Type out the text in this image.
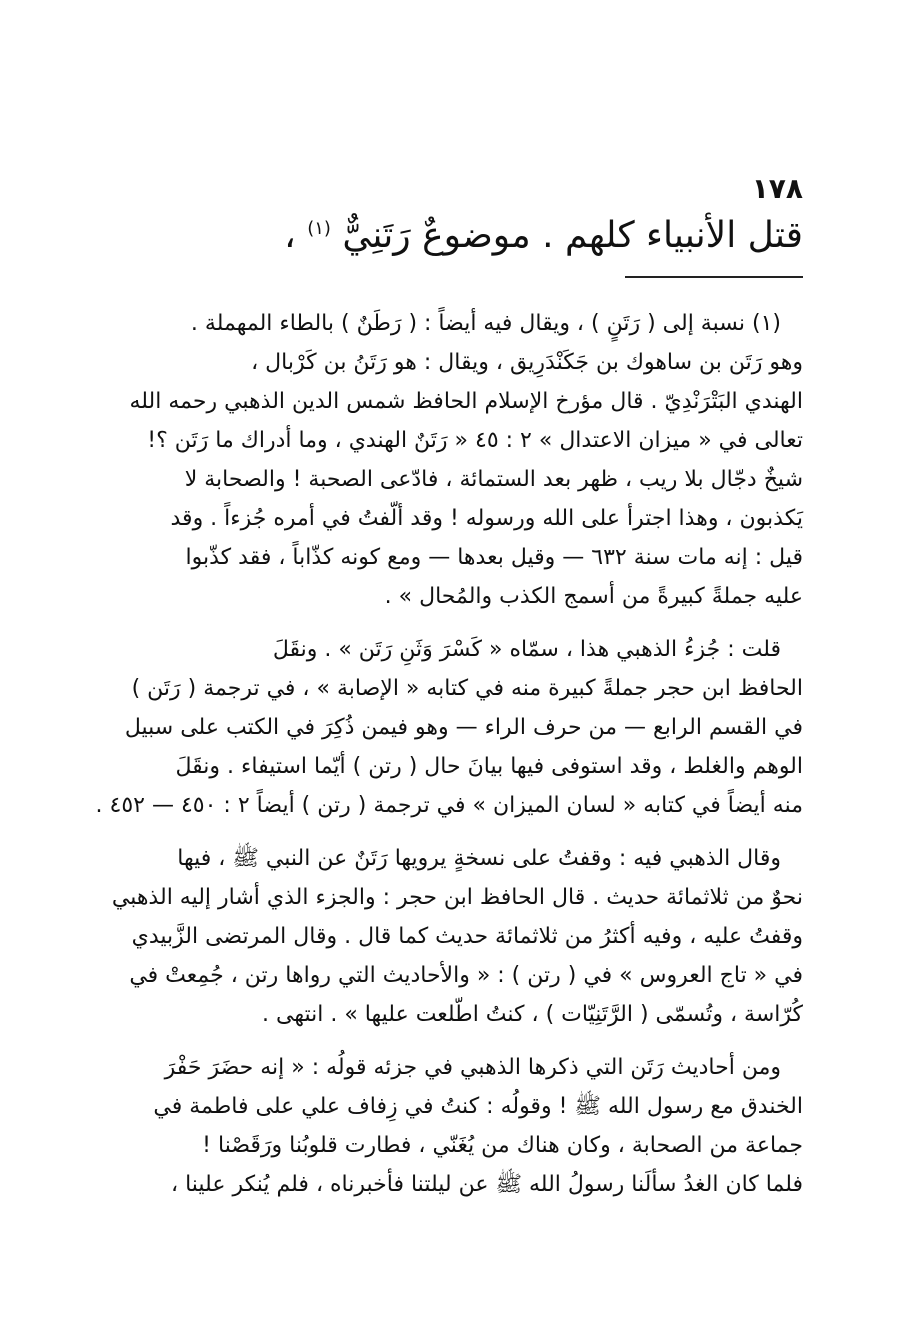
١٧٨
قتل الأنبياء كلهم . موضوعٌ رَتَنِيٌّ $^{(١)}$ ،
(١) نسبة إلى ( رَتَنٍ ) ، ويقال فيه أيضاً : ( رَطَنٌ ) بالطاء المهملة .
وهو رَتَن بن ساهوك بن جَكَنْدَرِيق ، ويقال : هو رَتَنُ بن كَرْبال ،
الهندي البَتْرَنْدِيّ . قال مؤرخ الإسلام الحافظ شمس الدين الذهبي رحمه الله
تعالى في « ميزان الاعتدال » ٢ : ٤٥ « رَتَنٌ الهندي ، وما أدراك ما رَتَن ؟!
شيخٌ دجّال بلا ريب ، ظهر بعد الستمائة ، فادّعى الصحبة ! والصحابة لا
يَكذبون ، وهذا اجترأ على الله ورسوله ! وقد ألّفتُ في أمره جُزءاً . وقد
قيل : إنه مات سنة ٦٣٢ — وقيل بعدها — ومع كونه كذّاباً ، فقد كذّبوا
عليه جملةً كبيرةً من أسمج الكذب والمُحال » .
قلت : جُزءُ الذهبي هذا ، سمّاه « كَسْرَ وَثَنِ رَتَن » . ونقَلَ
الحافظ ابن حجر جملةً كبيرة منه في كتابه « الإصابة » ، في ترجمة ( رَتَن )
في القسم الرابع — من حرف الراء — وهو فيمن ذُكِرَ في الكتب على سبيل
الوهم والغلط ، وقد استوفى فيها بيانَ حال ( رتن ) أيّما استيفاء . ونقَلَ
منه أيضاً في كتابه « لسان الميزان » في ترجمة ( رتن ) أيضاً ٢ : ٤٥٠ — ٤٥٢ .
وقال الذهبي فيه : وقفتُ على نسخةٍ يرويها رَتَنٌ عن النبي ﷺ ، فيها
نحوٌ من ثلاثمائة حديث . قال الحافظ ابن حجر : والجزء الذي أشار إليه الذهبي
وقفتُ عليه ، وفيه أكثرُ من ثلاثمائة حديث كما قال . وقال المرتضى الزَّبيدي
في « تاج العروس » في ( رتن ) : « والأحاديث التي رواها رتن ، جُمِعتْ في
كُرّاسة ، وتُسمّى ( الرَّتَنِيّات ) ، كنتُ اطّلعت عليها » . انتهى .
ومن أحاديث رَتَن التي ذكرها الذهبي في جزئه قولُه : « إنه حضَرَ حَفْرَ
الخندق مع رسول الله ﷺ ! وقولُه : كنتُ في زِفاف علي على فاطمة في
جماعة من الصحابة ، وكان هناك من يُغَنّي ، فطارت قلوبُنا ورَقَصْنا !
فلما كان الغدُ سألَنا رسولُ الله ﷺ عن ليلتنا فأخبرناه ، فلم يُنكر علينا ،
